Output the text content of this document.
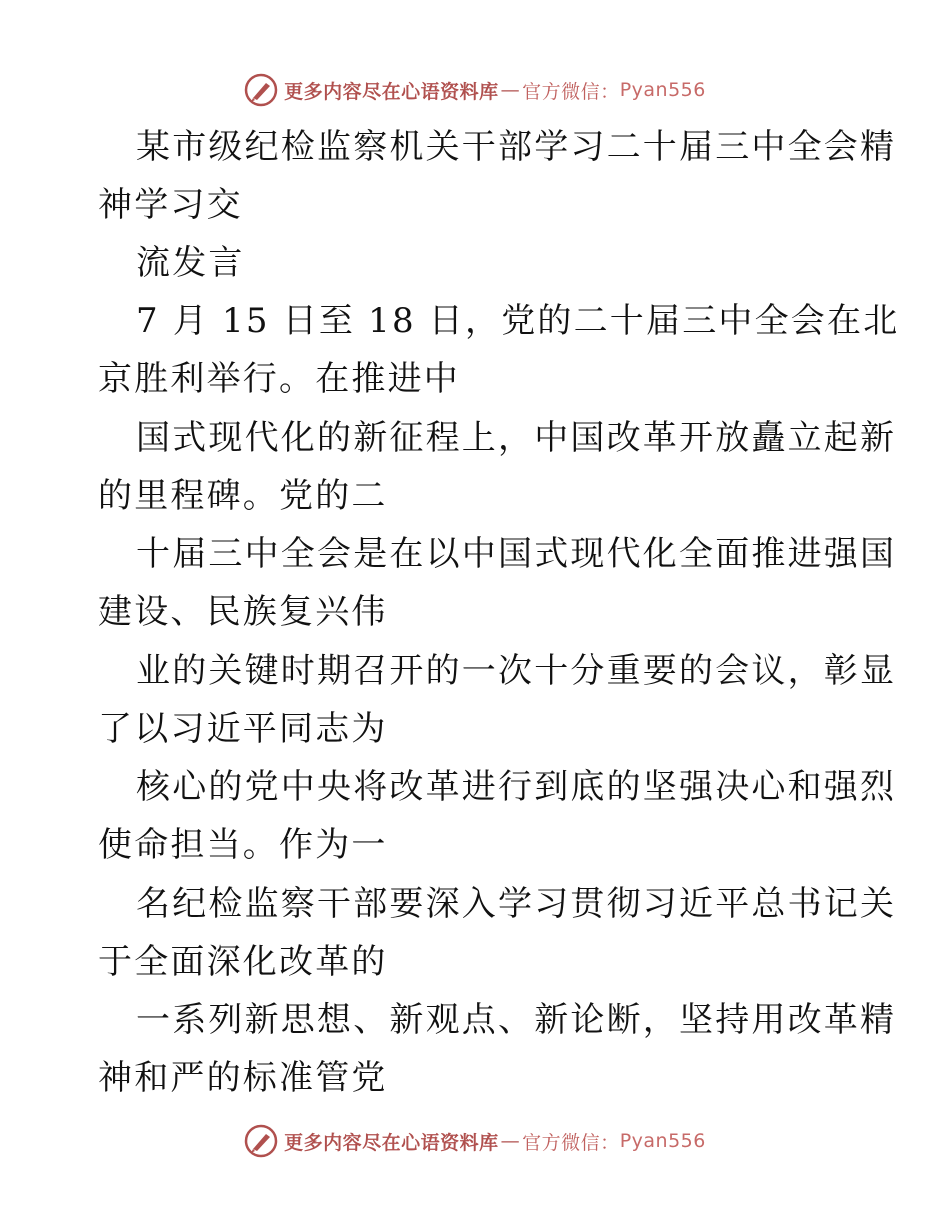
更多内容尽在心语资料库 — 官方微信： Pyan556
某市级纪检监察机关干部学习二十届三中全会精
神学习交
流发言
7 月 15 日至 18 日，党的二十届三中全会在北
京胜利举行。在推进中
国式现代化的新征程上，中国改革开放矗立起新
的里程碑。党的二
十届三中全会是在以中国式现代化全面推进强国
建设、民族复兴伟
业的关键时期召开的一次十分重要的会议，彰显
了以习近平同志为
核心的党中央将改革进行到底的坚强决心和强烈
使命担当。作为一
名纪检监察干部要深入学习贯彻习近平总书记关
于全面深化改革的
一系列新思想、新观点、新论断，坚持用改革精
神和严的标准管党
更多内容尽在心语资料库 — 官方微信： Pyan556
